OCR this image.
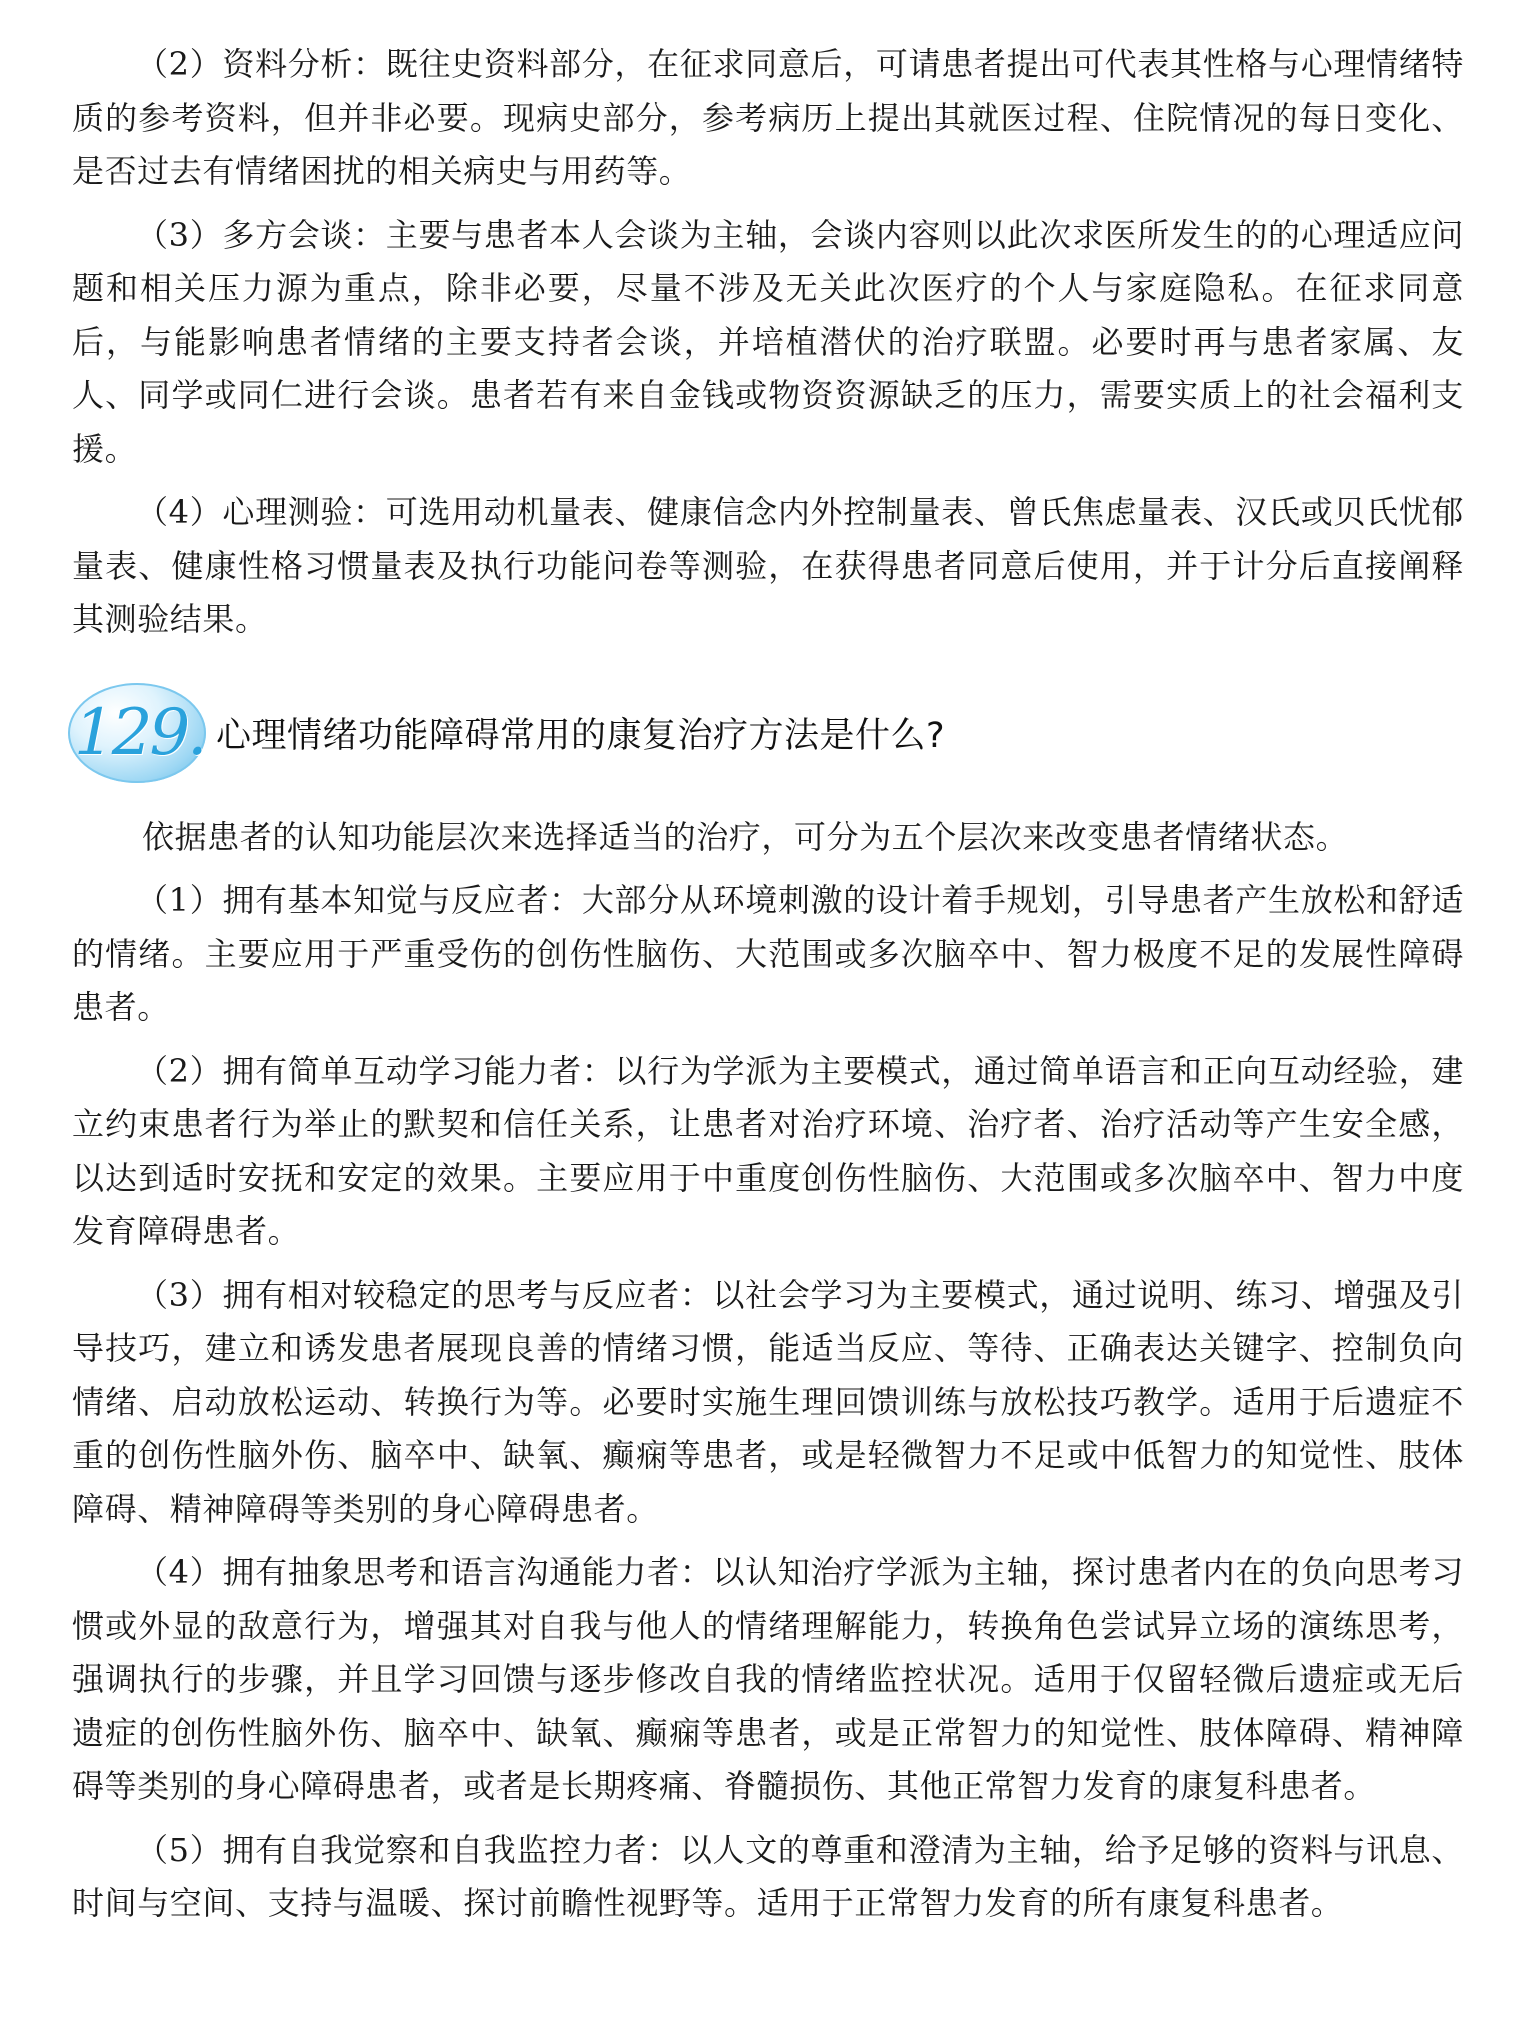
（2）资料分析：既往史资料部分，在征求同意后，可请患者提出可代表其性格与心理情绪特质的参考资料，但并非必要。现病史部分，参考病历上提出其就医过程、住院情况的每日变化、是否过去有情绪困扰的相关病史与用药等。

（3）多方会谈：主要与患者本人会谈为主轴，会谈内容则以此次求医所发生的的心理适应问题和相关压力源为重点，除非必要，尽量不涉及无关此次医疗的个人与家庭隐私。在征求同意后，与能影响患者情绪的主要支持者会谈，并培植潜伏的治疗联盟。必要时再与患者家属、友人、同学或同仁进行会谈。患者若有来自金钱或物资资源缺乏的压力，需要实质上的社会福利支援。

（4）心理测验：可选用动机量表、健康信念内外控制量表、曾氏焦虑量表、汉氏或贝氏忧郁量表、健康性格习惯量表及执行功能问卷等测验，在获得患者同意后使用，并于计分后直接阐释其测验结果。

129. 心理情绪功能障碍常用的康复治疗方法是什么?

依据患者的认知功能层次来选择适当的治疗，可分为五个层次来改变患者情绪状态。

（1）拥有基本知觉与反应者：大部分从环境刺激的设计着手规划，引导患者产生放松和舒适的情绪。主要应用于严重受伤的创伤性脑伤、大范围或多次脑卒中、智力极度不足的发展性障碍患者。

（2）拥有简单互动学习能力者：以行为学派为主要模式，通过简单语言和正向互动经验，建立约束患者行为举止的默契和信任关系，让患者对治疗环境、治疗者、治疗活动等产生安全感，以达到适时安抚和安定的效果。主要应用于中重度创伤性脑伤、大范围或多次脑卒中、智力中度发育障碍患者。

（3）拥有相对较稳定的思考与反应者：以社会学习为主要模式，通过说明、练习、增强及引导技巧，建立和诱发患者展现良善的情绪习惯，能适当反应、等待、正确表达关键字、控制负向情绪、启动放松运动、转换行为等。必要时实施生理回馈训练与放松技巧教学。适用于后遗症不重的创伤性脑外伤、脑卒中、缺氧、癫痫等患者，或是轻微智力不足或中低智力的知觉性、肢体障碍、精神障碍等类别的身心障碍患者。

（4）拥有抽象思考和语言沟通能力者：以认知治疗学派为主轴，探讨患者内在的负向思考习惯或外显的敌意行为，增强其对自我与他人的情绪理解能力，转换角色尝试异立场的演练思考，强调执行的步骤，并且学习回馈与逐步修改自我的情绪监控状况。适用于仅留轻微后遗症或无后遗症的创伤性脑外伤、脑卒中、缺氧、癫痫等患者，或是正常智力的知觉性、肢体障碍、精神障碍等类别的身心障碍患者，或者是长期疼痛、脊髓损伤、其他正常智力发育的康复科患者。

（5）拥有自我觉察和自我监控力者：以人文的尊重和澄清为主轴，给予足够的资料与讯息、时间与空间、支持与温暖、探讨前瞻性视野等。适用于正常智力发育的所有康复科患者。
